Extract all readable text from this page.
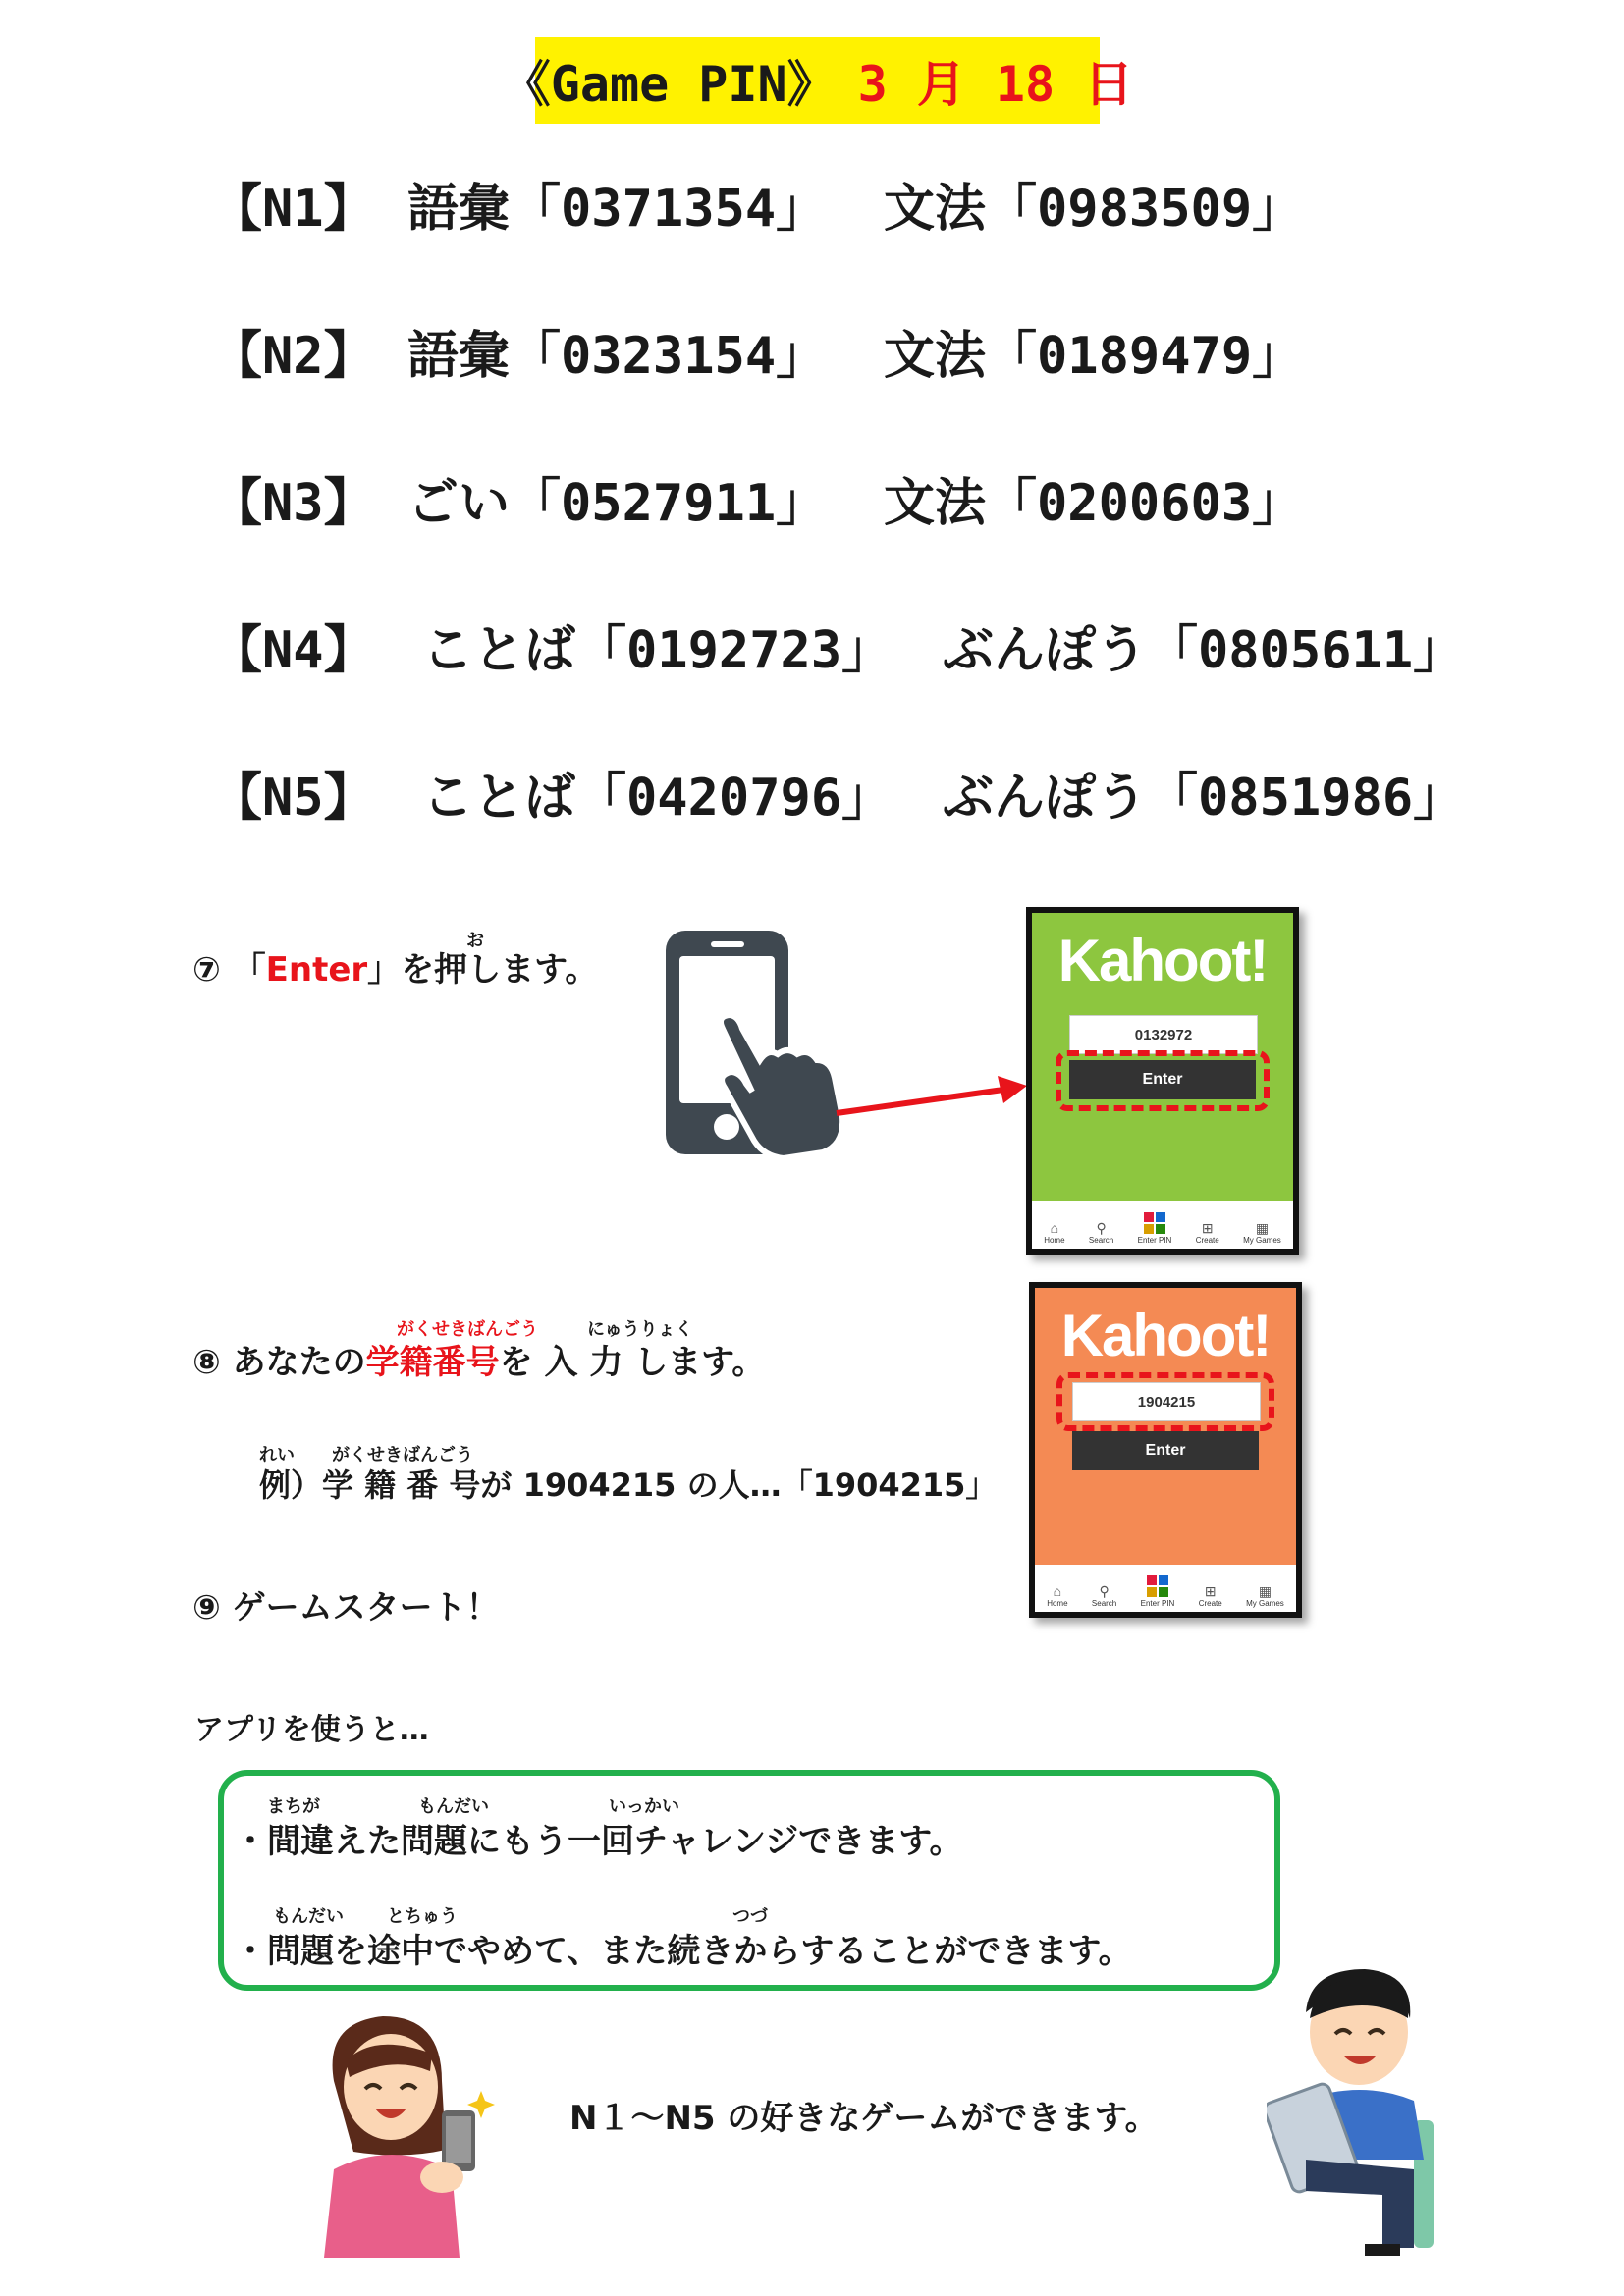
《Game PIN》 3 月 18 日
【N1】 語彙「0371354」 文法「0983509」
【N2】 語彙「0323154」 文法「0189479」
【N3】 ごい「0527911」 文法「0200603」
【N4】 ことば「0192723」 ぶんぽう「0805611」
【N5】 ことば「0420796」 ぶんぽう「0851986」
お
⑦ 「Enter」を押します。	Kahoot!
0132972
Enter
⌂
Home
⚲
Search	Enter PIN
⊞
Create
▦
My Games
がくせきばんごう	にゅうりょく
⑧ あなたの学籍番号を 入 力 します。
れい がくせきばんごう
例）学 籍 番 号が 1904215 の人…「1904215」
Kahoot!
1904215
Enter
⌂
Home
⚲
Search	Enter PIN
⊞
Create
▦
My Games
⑨ ゲームスタート！
アプリを使うと…
まちが	もんだい	いっかい
・間違えた問題にもう一回チャレンジできます。
もんだい とちゅう	つづ
・問題を途中でやめて、また続きからすることができます。
N１～N5 の好きなゲームができます。
